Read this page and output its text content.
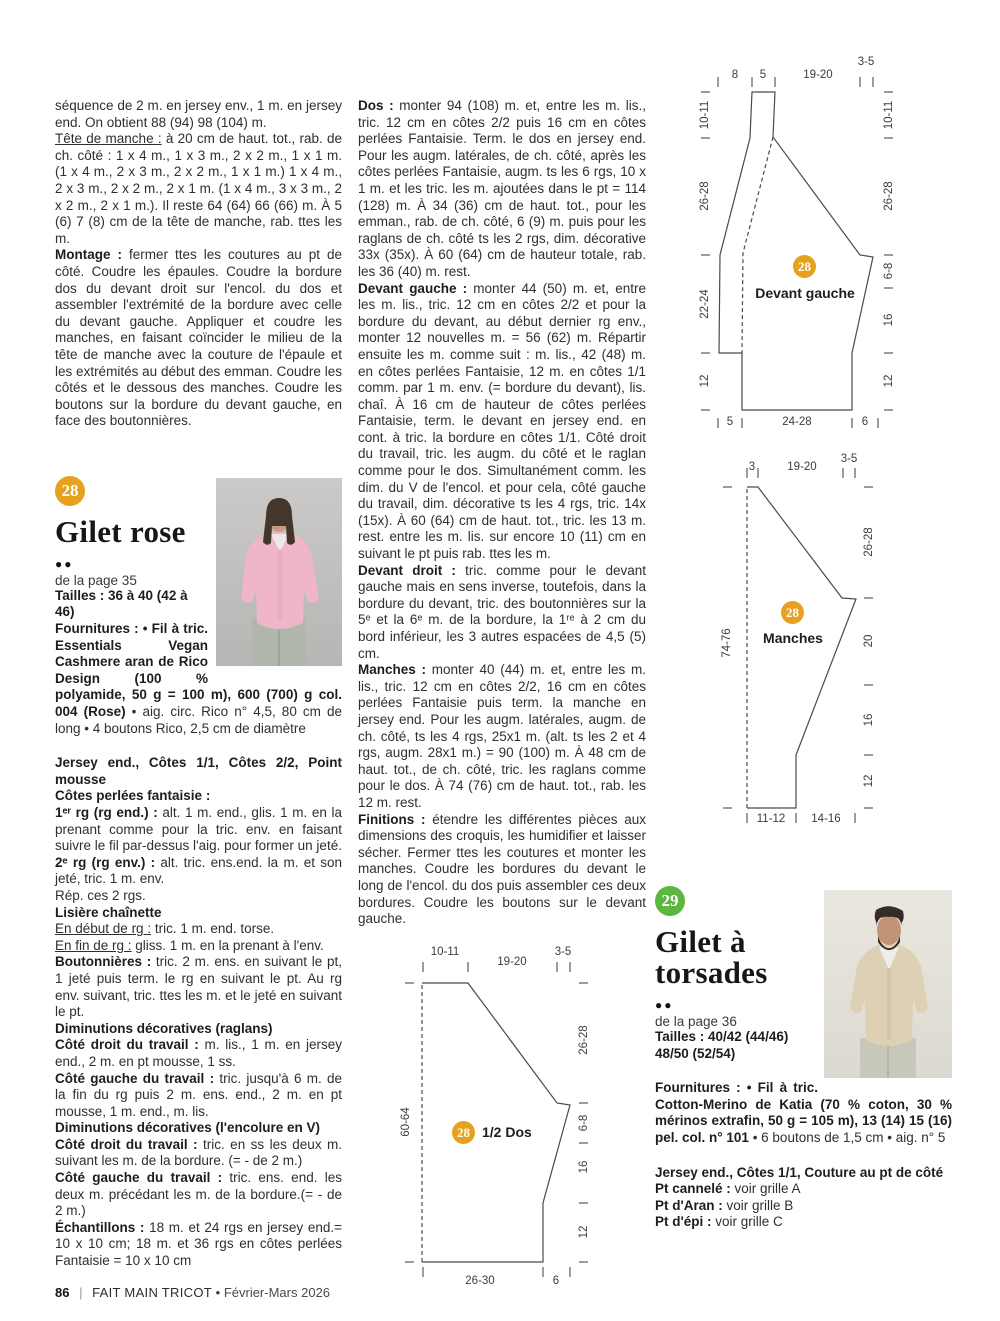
séquence de 2 m. en jersey env., 1 m. en jersey end. On obtient 88 (94) 98 (104) m.

Tête de manche : à 20 cm de haut. tot., rab. de ch. côté : 1 x 4 m., 1 x 3 m., 2 x 2 m., 1 x 1 m. (1 x 4 m., 2 x 3 m., 2 x 2 m., 1 x 1 m.) 1 x 4 m., 2 x 3 m., 2 x 2 m., 2 x 1 m. (1 x 4 m., 3 x 3 m., 2 x 2 m., 2 x 1 m.). Il reste 64 (64) 66 (66) m. À 5 (6) 7 (8) cm de la tête de manche, rab. ttes les m.

Montage : fermer ttes les coutures au pt de côté. Coudre les épaules. Coudre la bordure dos du devant droit sur l'encol. du dos et assembler l'extrémité de la bordure avec celle du devant gauche. Appliquer et coudre les manches, en faisant coïncider le milieu de la tête de manche avec la couture de l'épaule et les extrémités au début des emman. Coudre les côtés et le dessous des manches. Coudre les boutons sur la bordure du devant gauche, en face des boutonnières.

28
Gilet rose
●●
de la page 35

Tailles : 36 à 40 (42 à 46)

Fournitures : • Fil à tric. Essentials Vegan Cashmere aran de Rico Design (100 % polyamide, 50 g = 100 m), 600 (700) g col. 004 (Rose) • aig. circ. Rico n° 4,5, 80 cm de long • 4 boutons Rico, 2,5 cm de diamètre

Jersey end., Côtes 1/1, Côtes 2/2, Point mousse

Côtes perlées fantaisie :

1ᵉʳ rg (rg end.) : alt. 1 m. end., glis. 1 m. en la prenant comme pour la tric. env. en faisant suivre le fil par-dessus l'aig. pour former un jeté.

2ᵉ rg (rg env.) : alt. tric. ens.end. la m. et son jeté, tric. 1 m. env.

Rép. ces 2 rgs.

Lisière chaînette

En début de rg : tric. 1 m. end. torse.

En fin de rg : gliss. 1 m. en la prenant à l'env.

Boutonnières : tric. 2 m. ens. en suivant le pt, 1 jeté puis term. le rg en suivant le pt. Au rg env. suivant, tric. ttes les m. et le jeté en suivant le pt.

Diminutions décoratives (raglans)

Côté droit du travail : m. lis., 1 m. en jersey end., 2 m. en pt mousse, 1 ss.

Côté gauche du travail : tric. jusqu'à 6 m. de la fin du rg puis 2 m. ens. end., 2 m. en pt mousse, 1 m. end., m. lis.

Diminutions décoratives (l'encolure en V)

Côté droit du travail : tric. en ss les deux m. suivant les m. de la bordure. (= - de 2 m.)

Côté gauche du travail : tric. ens. end. les deux m. précédant les m. de la bordure.(= - de 2 m.)

Échantillons : 18 m. et 24 rgs en jersey end.= 10 x 10 cm; 18 m. et 36 rgs en côtes perlées Fantaisie = 10 x 10 cm

Dos : monter 94 (108) m. et, entre les m. lis., tric. 12 cm en côtes 2/2 puis 16 cm en côtes perlées Fantaisie. Term. le dos en jersey end. Pour les augm. latérales, de ch. côté, après les côtes perlées Fantaisie, augm. ts les 6 rgs, 10 x 1 m. et les tric. les m. ajoutées dans le pt = 114 (128) m. À 34 (36) cm de haut. tot., pour les emman., rab. de ch. côté, 6 (9) m. puis pour les raglans de ch. côté ts les 2 rgs, dim. décorative 33x (35x). À 60 (64) cm de hauteur totale, rab. les 36 (40) m. rest.

Devant gauche : monter 44 (50) m. et, entre les m. lis., tric. 12 cm en côtes 2/2 et pour la bordure du devant, au début dernier rg env., monter 12 nouvelles m. = 56 (62) m. Répartir ensuite les m. comme suit : m. lis., 42 (48) m. en côtes perlées Fantaisie, 12 m. en côtes 1/1 comm. par 1 m. env. (= bordure du devant), lis. chaî. À 16 cm de hauteur de côtes perlées Fantaisie, term. le devant en jersey end. en cont. à tric. la bordure en côtes 1/1. Côté droit du travail, tric. les augm. du côté et le raglan comme pour le dos. Simultanément comm. les dim. du V de l'encol. et pour cela, côté gauche du travail, dim. décorative ts les 4 rgs, tric. 14x (15x). À 60 (64) cm de haut. tot., tric. les 13 m. rest. entre les m. lis. sur encore 10 (11) cm en suivant le pt puis rab. ttes les m.

Devant droit : tric. comme pour le devant gauche mais en sens inverse, toutefois, dans la bordure du devant, tric. des boutonnières sur la 5ᵉ et la 6ᵉ m. de la bordure, la 1ʳᵉ à 2 cm du bord inférieur, les 3 autres espacées de 4,5 (5) cm.

Manches : monter 40 (44) m. et, entre les m. lis., tric. 12 cm en côtes 2/2, 16 cm en côtes perlées Fantaisie puis term. la manche en jersey end. Pour les augm. latérales, augm. de ch. côté, ts les 4 rgs, 25x1 m. (alt. ts les 2 et 4 rgs, augm. 28x1 m.) = 90 (100) m. À 48 cm de haut. tot., de ch. côté, tric. les raglans comme pour le dos. À 74 (76) cm de haut. tot., rab. les 12 m. rest.

Finitions : étendre les différentes pièces aux dimensions des croquis, les humidifier et laisser sécher. Fermer ttes les coutures et monter les manches. Coudre les bordures du devant le long de l'encol. du dos puis assembler ces deux bordures. Coudre les boutons sur le devant gauche.

3-5
8 5	19-20
10-11
26-28
22-24
12
10-11
26-28
6-8
16
12
5	24-28	6
28
Devant gauche
3-5
3	19-20
74-76
26-28
20
16
12
11-12 14-16
28
Manches
10-11	3-5
19-20
60-64
26-28
6-8
16
12
26-30	6
28 1/2 Dos
29
Gilet à
torsades
●●
de la page 36

Tailles : 40/42 (44/46)
48/50 (52/54)

Fournitures : • Fil à tric. Cotton-Merino de Katia (70 % coton, 30 % mérinos extrafin, 50 g = 105 m), 13 (14) 15 (16) pel. col. n° 101 • 6 boutons de 1,5 cm • aig. n° 5

Jersey end., Côtes 1/1, Couture au pt de côté

Pt cannelé : voir grille A

Pt d'Aran : voir grille B

Pt d'épi : voir grille C

86 | FAIT MAIN TRICOT • Février-Mars 2026
